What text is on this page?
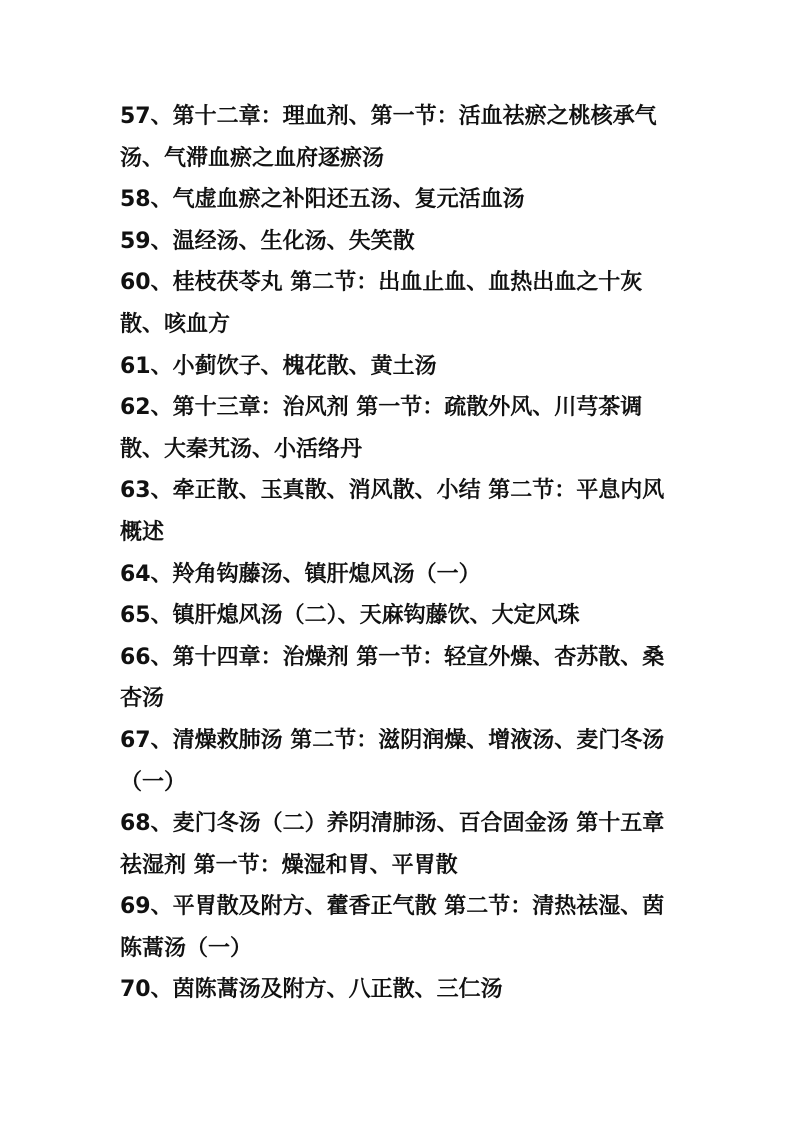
57、第十二章：理血剂、第一节：活血祛瘀之桃核承气汤、气滞血瘀之血府逐瘀汤

58、气虚血瘀之补阳还五汤、复元活血汤

59、温经汤、生化汤、失笑散

60、桂枝茯苓丸 第二节：出血止血、血热出血之十灰散、咳血方

61、小蓟饮子、槐花散、黄土汤

62、第十三章：治风剂 第一节：疏散外风、川芎茶调散、大秦艽汤、小活络丹

63、牵正散、玉真散、消风散、小结 第二节：平息内风概述

64、羚角钩藤汤、镇肝熄风汤（一）

65、镇肝熄风汤（二）、天麻钩藤饮、大定风珠

66、第十四章：治燥剂 第一节：轻宣外燥、杏苏散、桑杏汤

67、清燥救肺汤 第二节：滋阴润燥、增液汤、麦门冬汤（一）

68、麦门冬汤（二）养阴清肺汤、百合固金汤 第十五章祛湿剂 第一节：燥湿和胃、平胃散

69、平胃散及附方、藿香正气散 第二节：清热祛湿、茵陈蒿汤（一）

70、茵陈蒿汤及附方、八正散、三仁汤
